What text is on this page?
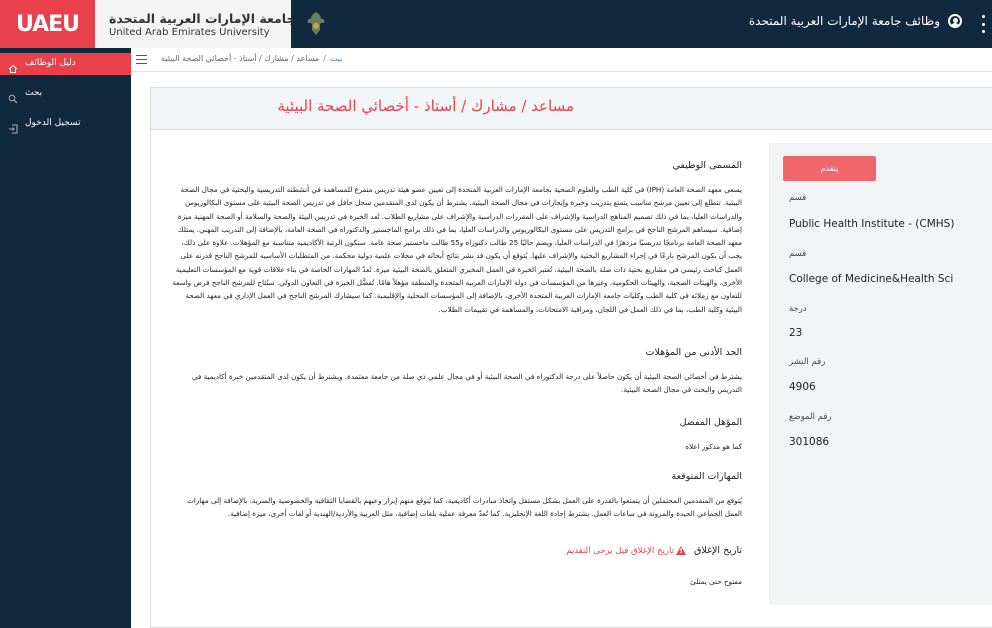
UAEU جامعة الإمارات العربية المتحدة
United Arab Emirates University
وظائف جامعة الإمارات العربية المتحدة
دليل الوظائف
بحث
تسجيل الدخول
بيت/مساعد / مشارك / أستاذ - أخصائي الصحة البيئية
مساعد / مشارك / أستاذ - أخصائي الصحة البيئية
المسمى الوظيفي
يسعى معهد الصحة العامة (IPH) في كلية الطب والعلوم الصحية بجامعة الإمارات العربية المتحدة إلى تعيين عضو هيئة تدريس متفرغ للمساهمة في أنشطته التدريسية والبحثية في مجال الصحة البيئية. تتطلع إلى تعيين مرشح مناسب يتمتع بتدريب وخبرة وإنجازات في مجال الصحة البيئية. يشترط أن يكون لدى المتقدمين سجل حافل في تدريس الصحة البيئية على مستوى البكالوريوس والدراسات العليا، بما في ذلك تصميم المناهج الدراسية والإشراف على المقررات الدراسية والإشراف على مشاريع الطلاب. تُعد الخبرة في تدريس البيئة والصحة والسلامة أو الصحة المهنية ميزة إضافية. سيساهم المرشح الناجح في برامج التدريس على مستوى البكالوريوس والدراسات العليا، بما في ذلك برامج الماجستير والدكتوراه في الصحة العامة، بالإضافة إلى التدريب المهني. يمتلك معهد الصحة العامة برنامجًا تدريسيًا مزدهرًا في الدراسات العليا، ويضم حاليًا 25 طالب دكتوراه و55 طالب ماجستير صحة عامة. ستكون الرتبة الأكاديمية متناسبة مع المؤهلات. علاوة على ذلك، يجب أن يكون المرشح بارعًا في إجراء المشاريع البحثية والإشراف عليها. يُتوقع أن يكون قد نشر نتائج أبحاثه في مجلات علمية دولية محكمة. من المتطلبات الأساسية للمرشح الناجح قدرته على العمل كباحث رئيسي في مشاريع بحثية ذات صلة بالصحة البيئية. تُعتبر الخبرة في العمل المخبري المتعلق بالصحة البيئية ميزة. تُعدّ المهارات الخاصة في بناء علاقات قوية مع المؤسسات التعليمية الأخرى، والهيئات الصحية، والهيئات الحكومية، وغيرها من المؤسسات في دولة الإمارات العربية المتحدة والمنطقة مؤهلاً هامًا. تُفضَّل الخبرة في التعاون الدولي. ستُتاح للمرشح الناجح فرص واسعة للتعاون مع زملائه في كلية الطب وكليات جامعة الإمارات العربية المتحدة الأخرى، بالإضافة إلى المؤسسات المحلية والإقليمية. كما سيشارك المرشح الناجح في العمل الإداري في معهد الصحة البيئية وكلية الطب، بما في ذلك العمل في اللجان، ومراقبة الامتحانات، والمساهمة في تقييمات الطلاب.
الحد الأدنى من المؤهلات
يشترط في أخصائي الصحة البيئية أن يكون حاصلاً على درجة الدكتوراه في الصحة البيئية أو في مجال علمي ذي صلة من جامعة معتمدة. ويشترط أن يكون لدى المتقدمين خبرة أكاديمية في التدريس والبحث في مجال الصحة البيئية.
المؤهل المفضل
كما هو مذكور اعلاه
المهارات المتوقعة
يُتوقع من المتقدمين المحتملين أن يتمتعوا بالقدرة على العمل بشكل مستقل واتخاذ مبادرات أكاديمية. كما يُتوقع منهم إبراز وعيهم بالقضايا الثقافية والخصوصية والسرية، بالإضافة إلى مهارات العمل الجماعي الجيدة والمرونة في ساعات العمل. يشترط إجادة اللغة الإنجليزية. كما تُعدّ معرفة عملية بلغات إضافية، مثل العربية والأردية/الهندية أو لغات أخرى، ميزة إضافية.
تاريخ الإغلاق
!
تاريخ الإغلاق قيل يرجى التقديم
مفتوح حتى يمتلئ
يتقدم
قسم
Public Health Institute - (CMHS)
قسم
College of Medicine&Health Sci
درجة
23
رقم النشر
4906
رقم الموضع
301086
